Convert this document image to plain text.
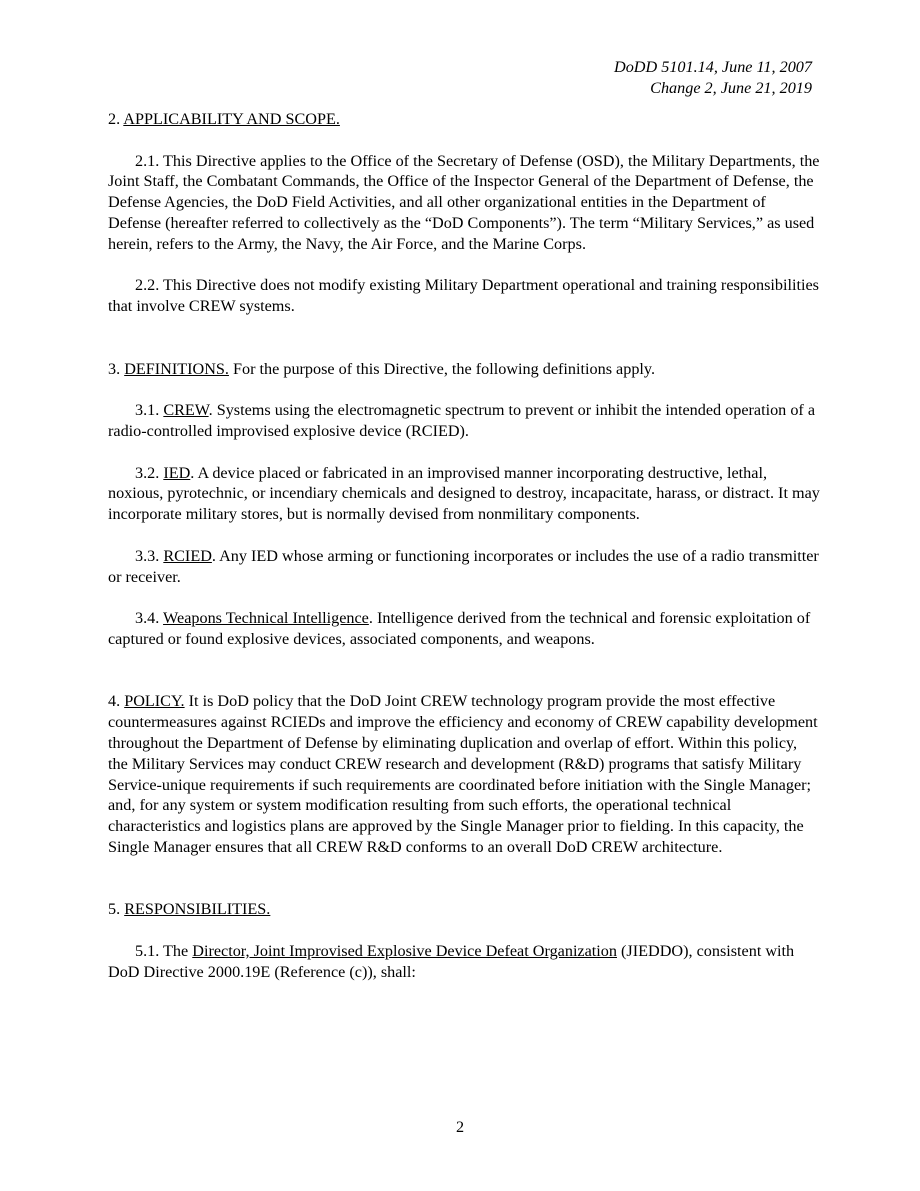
DoDD 5101.14, June 11, 2007
Change 2, June 21, 2019

2. APPLICABILITY AND SCOPE.

2.1. This Directive applies to the Office of the Secretary of Defense (OSD), the Military Departments, the Joint Staff, the Combatant Commands, the Office of the Inspector General of the Department of Defense, the Defense Agencies, the DoD Field Activities, and all other organizational entities in the Department of Defense (hereafter referred to collectively as the “DoD Components”). The term “Military Services,” as used herein, refers to the Army, the Navy, the Air Force, and the Marine Corps.

2.2. This Directive does not modify existing Military Department operational and training responsibilities that involve CREW systems.

3. DEFINITIONS. For the purpose of this Directive, the following definitions apply.

3.1. CREW. Systems using the electromagnetic spectrum to prevent or inhibit the intended operation of a radio-controlled improvised explosive device (RCIED).

3.2. IED. A device placed or fabricated in an improvised manner incorporating destructive, lethal, noxious, pyrotechnic, or incendiary chemicals and designed to destroy, incapacitate, harass, or distract. It may incorporate military stores, but is normally devised from nonmilitary components.

3.3. RCIED. Any IED whose arming or functioning incorporates or includes the use of a radio transmitter or receiver.

3.4. Weapons Technical Intelligence. Intelligence derived from the technical and forensic exploitation of captured or found explosive devices, associated components, and weapons.

4. POLICY. It is DoD policy that the DoD Joint CREW technology program provide the most effective countermeasures against RCIEDs and improve the efficiency and economy of CREW capability development throughout the Department of Defense by eliminating duplication and overlap of effort. Within this policy, the Military Services may conduct CREW research and development (R&D) programs that satisfy Military Service-unique requirements if such requirements are coordinated before initiation with the Single Manager; and, for any system or system modification resulting from such efforts, the operational technical characteristics and logistics plans are approved by the Single Manager prior to fielding. In this capacity, the Single Manager ensures that all CREW R&D conforms to an overall DoD CREW architecture.

5. RESPONSIBILITIES.

5.1. The Director, Joint Improvised Explosive Device Defeat Organization (JIEDDO), consistent with DoD Directive 2000.19E (Reference (c)), shall:

2
